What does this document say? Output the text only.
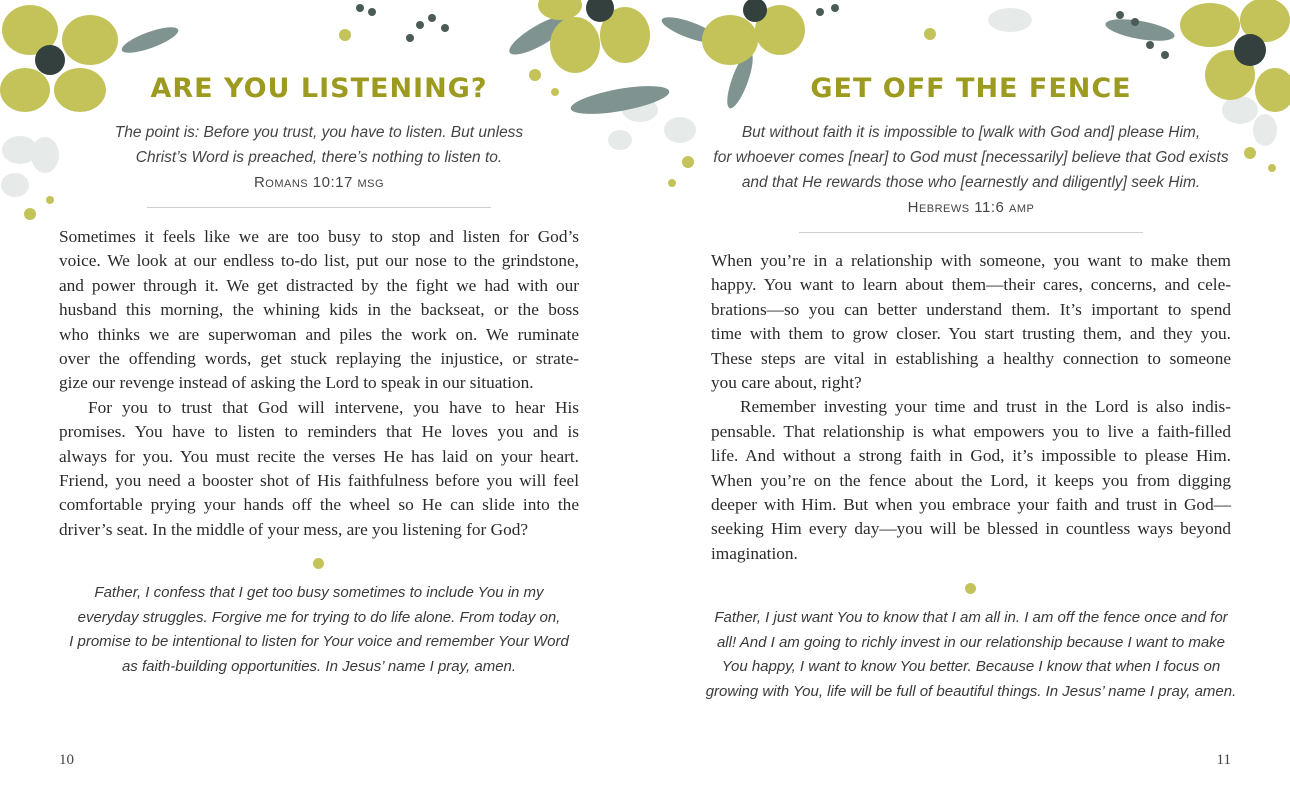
ARE YOU LISTENING?
The point is: Before you trust, you have to listen. But unless
Christ’s Word is preached, there’s nothing to listen to.
Romans 10:17 msg
Sometimes it feels like we are too busy to stop and listen for God’s
voice. We look at our endless to-do list, put our nose to the grindstone,
and power through it. We get distracted by the fight we had with our
husband this morning, the whining kids in the backseat, or the boss
who thinks we are superwoman and piles the work on. We ruminate
over the offending words, get stuck replaying the injustice, or strate-
gize our revenge instead of asking the Lord to speak in our situation.
For you to trust that God will intervene, you have to hear His
promises. You have to listen to reminders that He loves you and is
always for you. You must recite the verses He has laid on your heart.
Friend, you need a booster shot of His faithfulness before you will feel
comfortable prying your hands off the wheel so He can slide into the
driver’s seat. In the middle of your mess, are you listening for God?
Father, I confess that I get too busy sometimes to include You in my
everyday struggles. Forgive me for trying to do life alone. From today on,
I promise to be intentional to listen for Your voice and remember Your Word
as faith-building opportunities. In Jesus’ name I pray, amen.
10
GET OFF THE FENCE
But without faith it is impossible to [walk with God and] please Him,
for whoever comes [near] to God must [necessarily] believe that God exists
and that He rewards those who [earnestly and diligently] seek Him.
Hebrews 11:6 amp
When you’re in a relationship with someone, you want to make them
happy. You want to learn about them—their cares, concerns, and cele-
brations—so you can better understand them. It’s important to spend
time with them to grow closer. You start trusting them, and they you.
These steps are vital in establishing a healthy connection to someone
you care about, right?
Remember investing your time and trust in the Lord is also indis-
pensable. That relationship is what empowers you to live a faith-filled
life. And without a strong faith in God, it’s impossible to please Him.
When you’re on the fence about the Lord, it keeps you from digging
deeper with Him. But when you embrace your faith and trust in God—
seeking Him every day—you will be blessed in countless ways beyond
imagination.
Father, I just want You to know that I am all in. I am off the fence once and for
all! And I am going to richly invest in our relationship because I want to make
You happy, I want to know You better. Because I know that when I focus on
growing with You, life will be full of beautiful things. In Jesus’ name I pray, amen.
11
